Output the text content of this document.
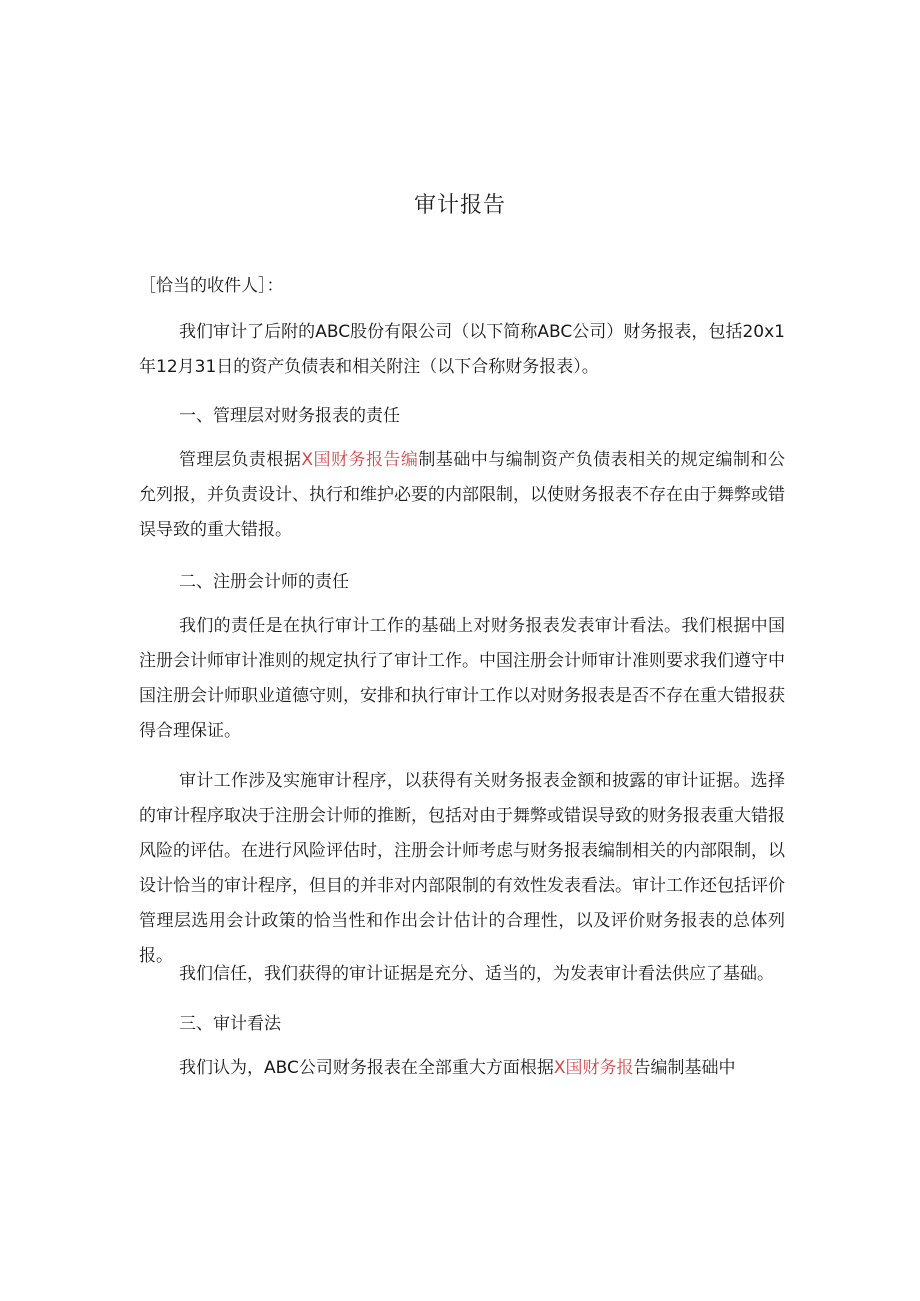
审计报告
［恰当的收件人］：
我们审计了后附的ABC股份有限公司（以下简称ABC公司）财务报表，包括20x1年12月31日的资产负债表和相关附注（以下合称财务报表）。
一、管理层对财务报表的责任
管理层负责根据X国财务报告编制基础中与编制资产负债表相关的规定编制和公允列报，并负责设计、执行和维护必要的内部限制，以使财务报表不存在由于舞弊或错误导致的重大错报。
二、注册会计师的责任
我们的责任是在执行审计工作的基础上对财务报表发表审计看法。我们根据中国注册会计师审计准则的规定执行了审计工作。中国注册会计师审计准则要求我们遵守中国注册会计师职业道德守则，安排和执行审计工作以对财务报表是否不存在重大错报获得合理保证。
审计工作涉及实施审计程序，以获得有关财务报表金额和披露的审计证据。选择的审计程序取决于注册会计师的推断，包括对由于舞弊或错误导致的财务报表重大错报风险的评估。在进行风险评估时，注册会计师考虑与财务报表编制相关的内部限制，以设计恰当的审计程序，但目的并非对内部限制的有效性发表看法。审计工作还包括评价管理层选用会计政策的恰当性和作出会计估计的合理性，以及评价财务报表的总体列报。
我们信任，我们获得的审计证据是充分、适当的，为发表审计看法供应了基础。
三、审计看法
我们认为，ABC公司财务报表在全部重大方面根据X国财务报告编制基础中
